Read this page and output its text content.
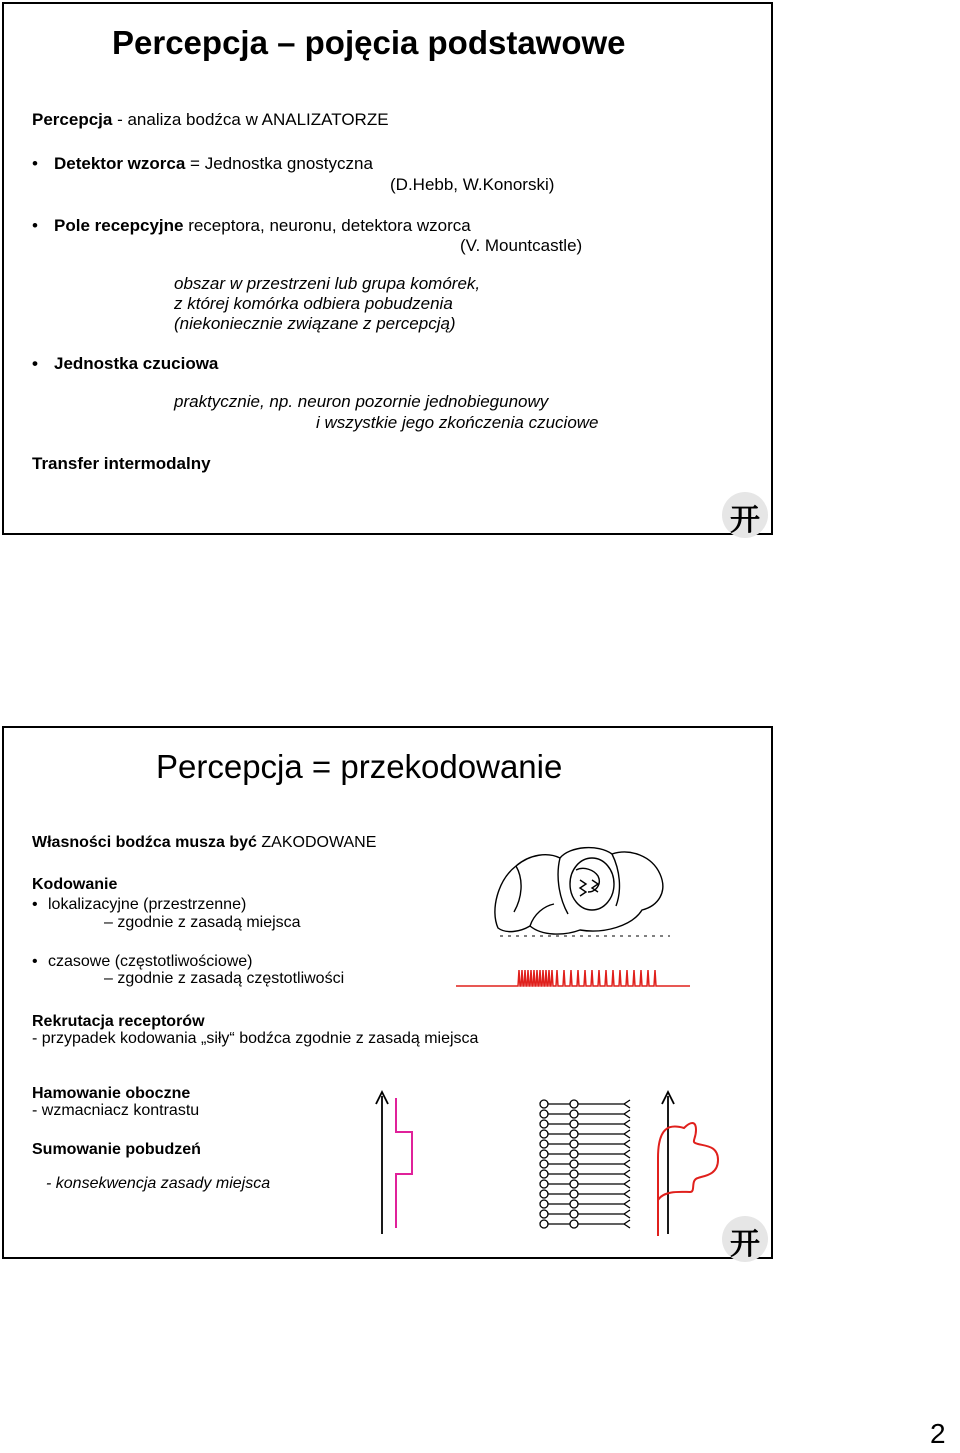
Percepcja – pojęcia podstawowe
Percepcja - analiza bodźca w ANALIZATORZE
• Detektor wzorca = Jednostka gnostyczna
(D.Hebb, W.Konorski)
• Pole recepcyjne receptora, neuronu, detektora wzorca
(V. Mountcastle)
obszar w przestrzeni lub grupa komórek,
z której komórka odbiera pobudzenia
(niekoniecznie związane z percepcją)
• Jednostka czuciowa
praktycznie, np. neuron pozornie jednobiegunowy
i wszystkie jego zkończenia czuciowe
Transfer intermodalny
开
Percepcja = przekodowanie
Własności bodźca musza być ZAKODOWANE
Kodowanie
• lokalizacyjne (przestrzenne)
– zgodnie z zasadą miejsca
• czasowe (częstotliwościowe)
– zgodnie z zasadą częstotliwości
Rekrutacja receptorów
- przypadek kodowania „siły“ bodźca zgodnie z zasadą miejsca
Hamowanie oboczne
- wzmacniacz kontrastu
Sumowanie pobudzeń
- konsekwencja zasady miejsca
开
2
